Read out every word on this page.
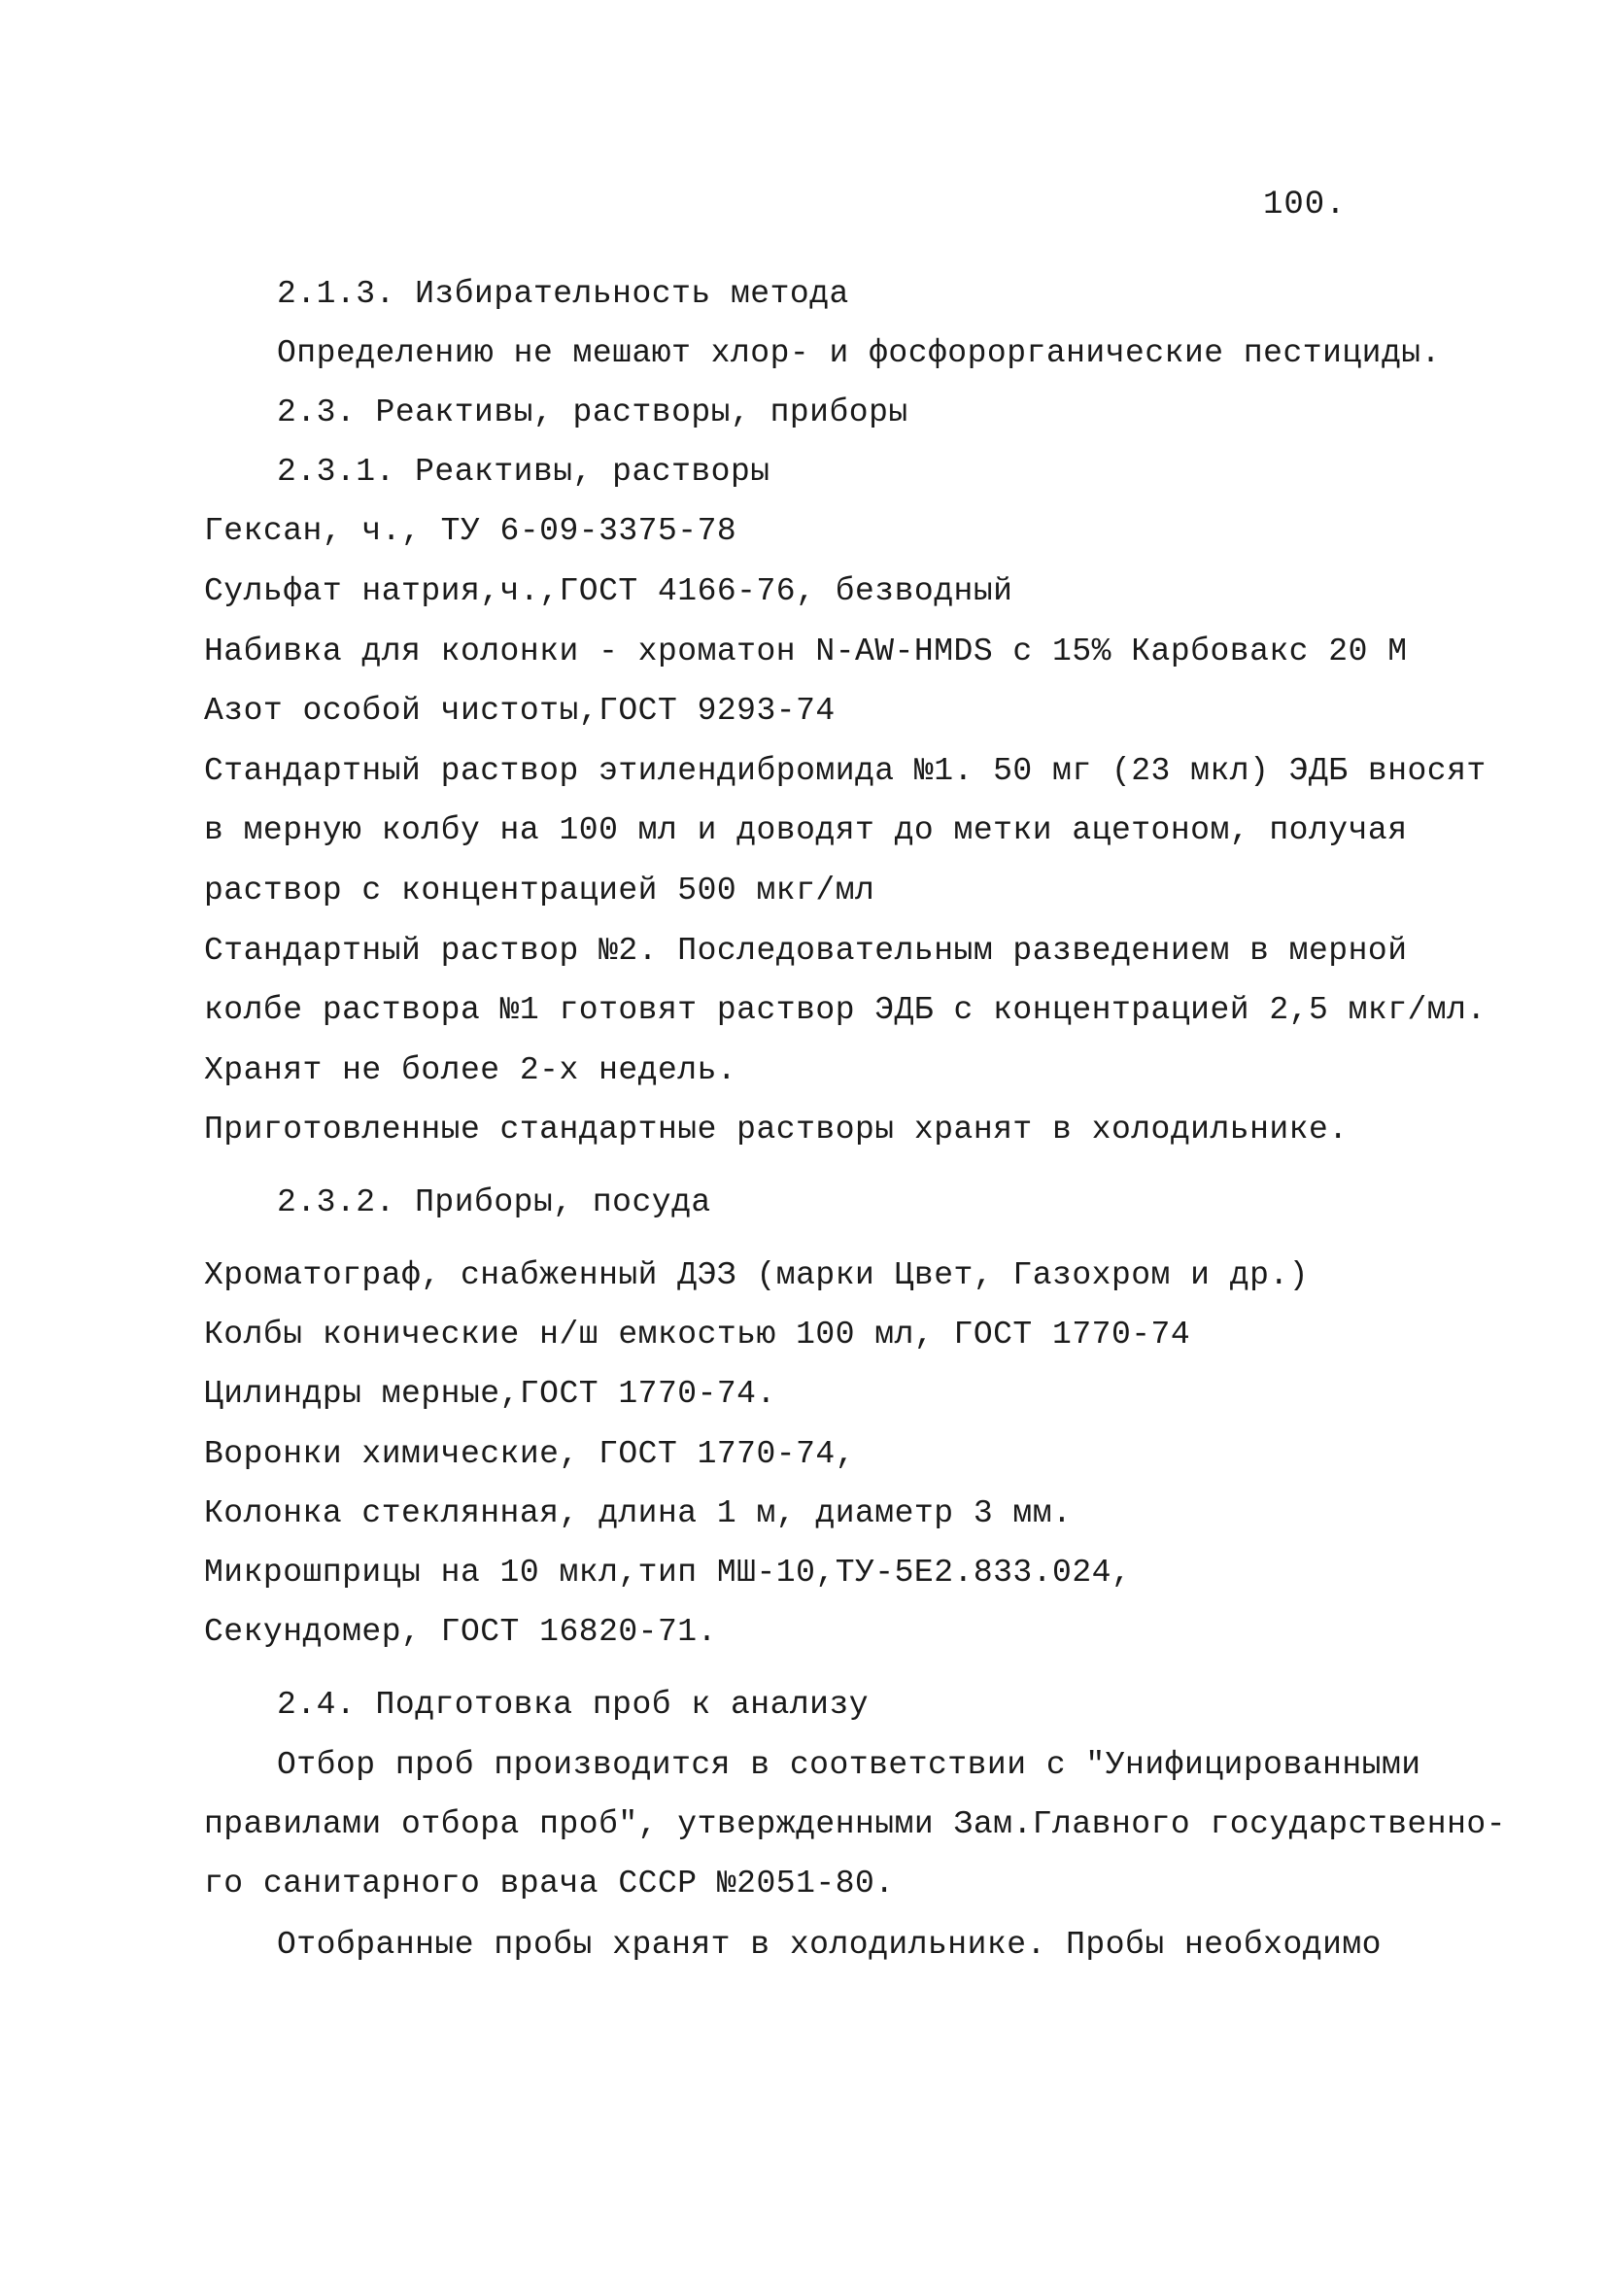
100.
2.1.3. Избирательность метода
Определению не мешают хлор- и фосфорорганические пестициды.
2.3. Реактивы, растворы, приборы
2.3.1. Реактивы, растворы
Гексан, ч., ТУ 6-09-3375-78
Сульфат натрия,ч.,ГОСТ 4166-76, безводный
Набивка для колонки - хроматон N-AW-HMDS с 15% Карбовакс 20 М
Азот особой чистоты,ГОСТ 9293-74
Стандартный раствор этилендибромида №1. 50 мг (23 мкл) ЭДБ вносят
в мерную колбу на 100 мл и доводят до метки ацетоном, получая
раствор с концентрацией 500 мкг/мл
Стандартный раствор №2. Последовательным разведением в мерной
колбе раствора №1 готовят раствор ЭДБ с концентрацией 2,5 мкг/мл.
Хранят не более 2-х недель.
Приготовленные стандартные растворы хранят в холодильнике.
2.3.2. Приборы, посуда
Хроматограф, снабженный ДЭЗ (марки Цвет, Газохром и др.)
Колбы конические н/ш емкостью 100 мл, ГОСТ 1770-74
Цилиндры мерные,ГОСТ 1770-74.
Воронки химические, ГОСТ 1770-74,
Колонка стеклянная, длина 1 м, диаметр 3 мм.
Микрошприцы на 10 мкл,тип МШ-10,ТУ-5Е2.833.024,
Секундомер, ГОСТ 16820-71.
2.4. Подготовка проб к анализу
Отбор проб производится в соответствии с "Унифицированными
правилами отбора проб", утвержденными Зам.Главного государственно-
го санитарного врача СССР №2051-80.
Отобранные пробы хранят в холодильнике. Пробы необходимо
